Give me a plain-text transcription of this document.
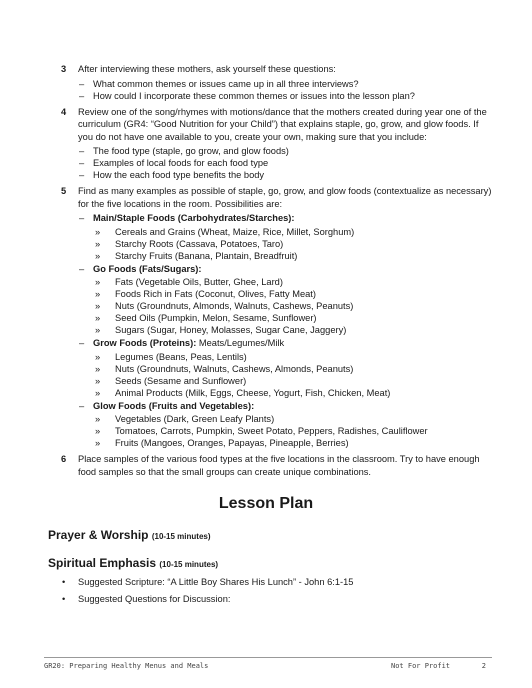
3 After interviewing these mothers, ask yourself these questions:

– What common themes or issues came up in all three interviews?
– How could I incorporate these common themes or issues into the lesson plan?
4 Review one of the song/rhymes with motions/dance that the mothers created during year one of the curriculum (GR4: “Good Nutrition for your Child”) that explains staple, go, grow, and glow foods. If you do not have one available to you, create your own, making sure that you include:

– The food type (staple, go grow, and glow foods)
– Examples of local foods for each food type
– How the each food type benefits the body
5 Find as many examples as possible of staple, go, grow, and glow foods (contextualize as necessary) for the five locations in the room. Possibilities are:

– Main/Staple Foods (Carbohydrates/Starches):
» Cereals and Grains (Wheat, Maize, Rice, Millet, Sorghum)
» Starchy Roots (Cassava, Potatoes, Taro)
» Starchy Fruits (Banana, Plantain, Breadfruit)
– Go Foods (Fats/Sugars):
» Fats (Vegetable Oils, Butter, Ghee, Lard)
» Foods Rich in Fats (Coconut, Olives, Fatty Meat)
» Nuts (Groundnuts, Almonds, Walnuts, Cashews, Peanuts)
» Seed Oils (Pumpkin, Melon, Sesame, Sunflower)
» Sugars (Sugar, Honey, Molasses, Sugar Cane, Jaggery)
– Grow Foods (Proteins): Meats/Legumes/Milk
» Legumes (Beans, Peas, Lentils)
» Nuts (Groundnuts, Walnuts, Cashews, Almonds, Peanuts)
» Seeds (Sesame and Sunflower)
» Animal Products (Milk, Eggs, Cheese, Yogurt, Fish, Chicken, Meat)
– Glow Foods (Fruits and Vegetables):
» Vegetables (Dark, Green Leafy Plants)
» Tomatoes, Carrots, Pumpkin, Sweet Potato, Peppers, Radishes, Cauliflower
» Fruits (Mangoes, Oranges, Papayas, Pineapple, Berries)
6 Place samples of the various food types at the five locations in the classroom. Try to have enough food samples so that the small groups can create unique combinations.

Lesson Plan
Prayer & Worship (10-15 minutes)
Spiritual Emphasis (10-15 minutes)
• Suggested Scripture: “A Little Boy Shares His Lunch” - John 6:1-15
• Suggested Questions for Discussion:
GR20: Preparing Healthy Menus and Meals	Not For Profit	2
